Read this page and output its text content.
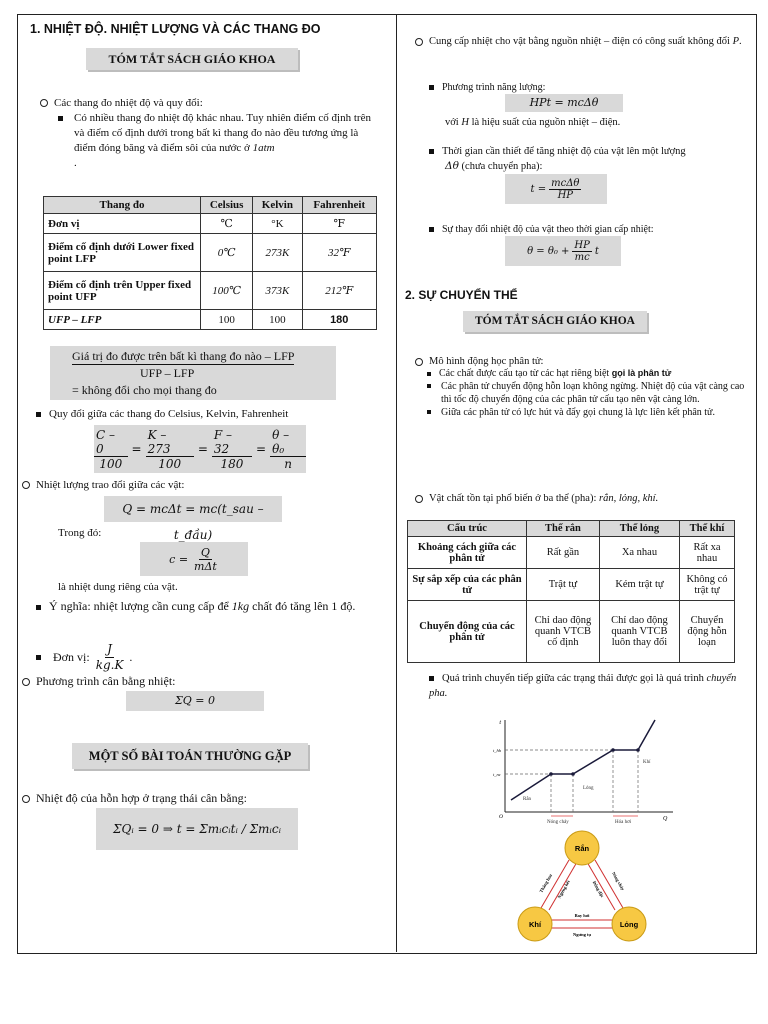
1. NHIỆT ĐỘ. NHIỆT LƯỢNG VÀ CÁC THANG ĐO
TÓM TẮT SÁCH GIÁO KHOA
Các thang đo nhiệt độ và quy đổi:
Có nhiều thang đo nhiệt độ khác nhau. Tuy nhiên điểm cố định trên và điểm cố định dưới trong bất kì thang đo nào đều tương ứng là điểm đóng băng và điểm sôi của nước ở 1atm
.
Thang đo	Celsius	Kelvin	Fahrenheit
Đơn vị	℃	°K	℉
Điểm cố định dưới Lower fixed point LFP	0℃	273K	32℉
Điểm cố định trên Upper fixed point UFP	100℃	373K	212℉
UFP – LFP	100	100	180
Giá trị đo được trên bất kì thang đo nào – LFP
UFP – LFP
= không đổi cho mọi thang đo
Quy đổi giữa các thang đo Celsius, Kelvin, Fahrenheit
$\frac{C - 0}{100} = \frac{K - 273}{100} = \frac{F - 32}{180} = \frac{\text{θ – θ₀}}{n}$
Nhiệt lượng trao đổi giữa các vật:
Q = mcΔt = mc(t_sau – t_đầu)
Trong đó:
$c = \frac{Q}{\text{mΔt}}$
là nhiệt dung riêng của vật.
Ý nghĩa: nhiệt lượng cần cung cấp để 1kg chất đó tăng lên 1 độ.
Đơn vị: $\frac{J}{kg.K}$ .
Phương trình cân bằng nhiệt:
ΣQ = 0
MỘT SỐ BÀI TOÁN THƯỜNG GẶP
Nhiệt độ của hỗn hợp ở trạng thái cân bằng:
ΣQᵢ = 0 ⇒ t = Σmᵢcᵢtᵢ / Σmᵢcᵢ
Cung cấp nhiệt cho vật bằng nguồn nhiệt – điện có công suất không đổi P.
Phương trình năng lượng:
HPt = mcΔθ
với H là hiệu suất của nguồn nhiệt – điện.
Thời gian cần thiết để tăng nhiệt độ của vật lên một lượng
Δθ (chưa chuyển pha):
$t = \frac{\text{mcΔθ}}{HP}$
Sự thay đổi nhiệt độ của vật theo thời gian cấp nhiệt:
$\theta = \theta_0 + \frac{HP}{mc}$ t
2. SỰ CHUYỂN THỂ
TÓM TẮT SÁCH GIÁO KHOA
Mô hình động học phân tử:
Các chất được cấu tạo từ các hạt riêng biệt gọi là phân tử
Các phân tử chuyển động hỗn loạn không ngừng. Nhiệt độ của vật càng cao thì tốc độ chuyển động của các phân tử cấu tạo nên vật càng lớn.
Giữa các phân tử có lực hút và đẩy gọi chung là lực liên kết phân tử.
Vật chất tồn tại phổ biến ở ba thể (pha): rắn, lỏng, khí.
Cấu trúc	Thể rắn	Thể lỏng	Thể khí
Khoảng cách giữa các phân tử	Rất gần	Xa nhau	Rất xa nhau
Sự sắp xếp của các phân tử	Trật tự	Kém trật tự	Không có trật tự
Chuyển động của các phân tử	Chỉ dao động quanh VTCB cố định	Chỉ dao động quanh VTCB luôn thay đổi	Chuyển động hỗn loạn
Quá trình chuyển tiếp giữa các trạng thái được gọi là quá trình chuyển pha.
t
Q
O
t_hh
t_nc
Rắn
Lỏng
Khí
Nóng chảy	Hóa hơi
Rắn
Khí	Lỏng
Thăng hoa Ngưng kết	Nóng chảy
Đông đặc
Bay hơi
Ngưng tụ
